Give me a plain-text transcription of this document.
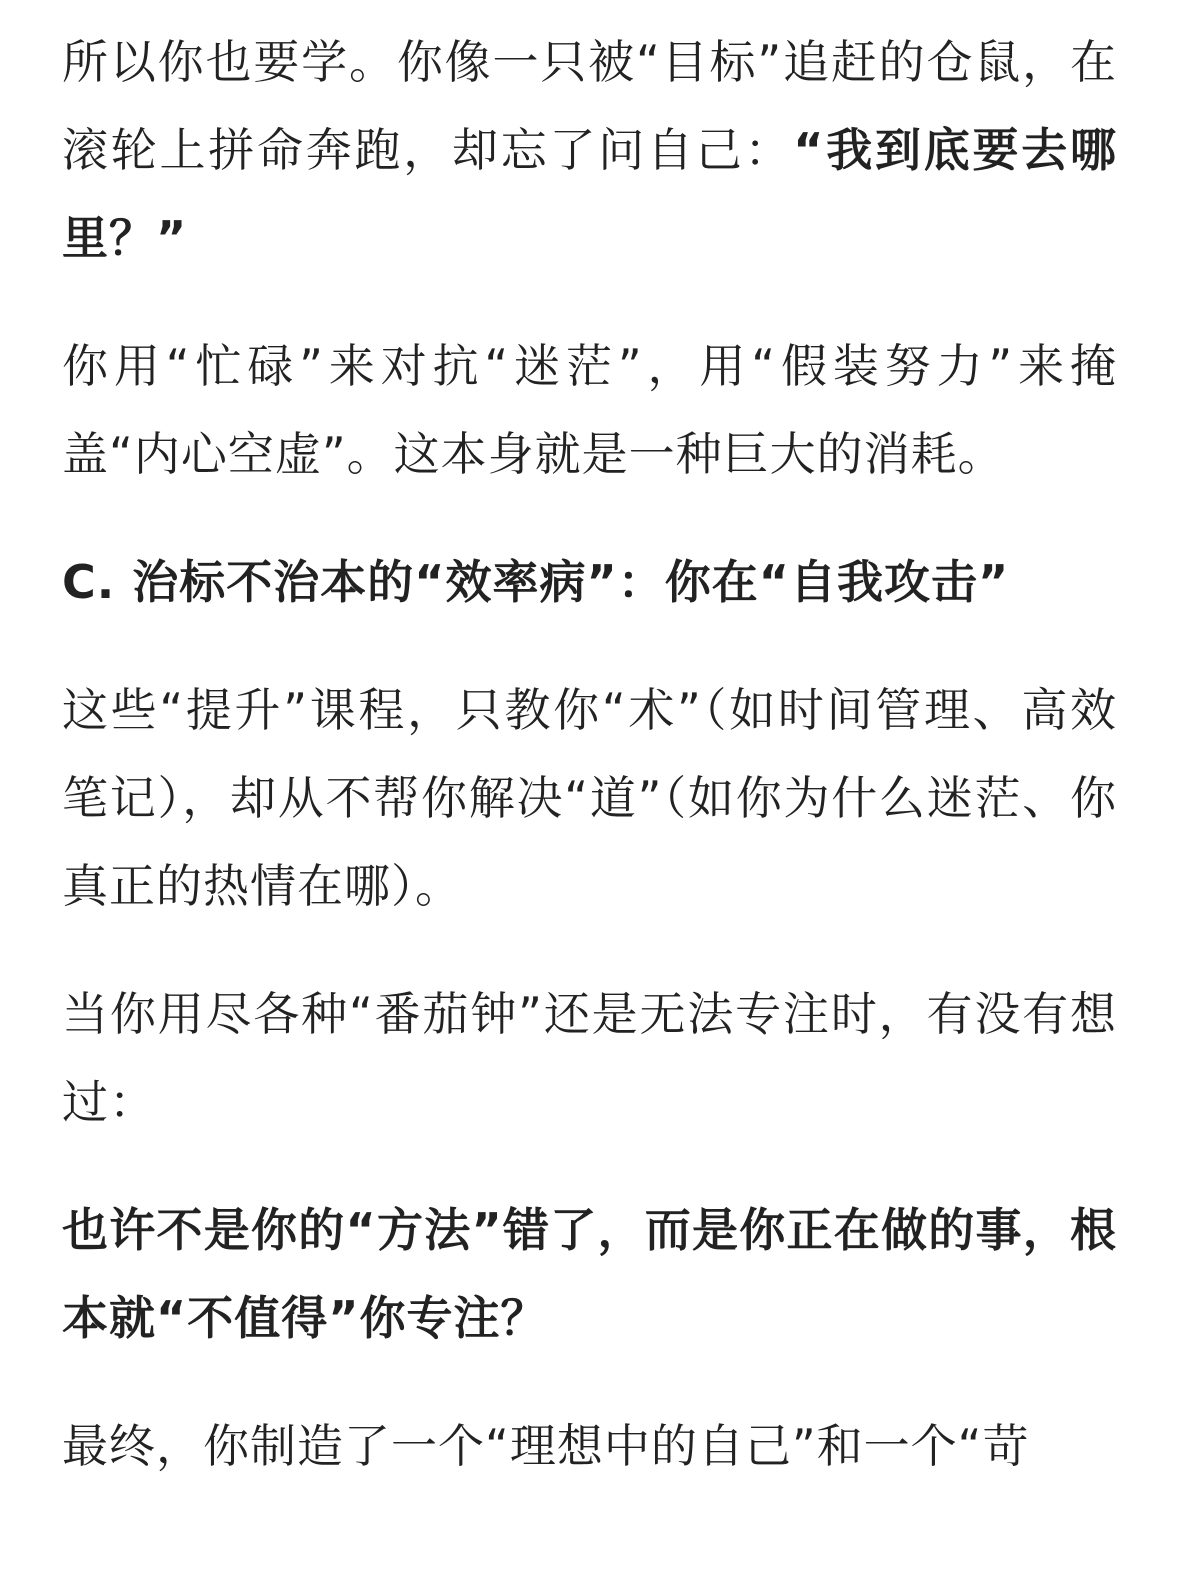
所以你也要学。你像一只被“目标”追赶的仓鼠，在滚轮上拼命奔跑，却忘了问自己：“我到底要去哪里？”

你用“忙碌”来对抗“迷茫”，用“假装努力”来掩盖“内心空虚”。这本身就是一种巨大的消耗。

C. 治标不治本的“效率病”：你在“自我攻击”

这些“提升”课程，只教你“术”（如时间管理、高效笔记），却从不帮你解决“道”（如你为什么迷茫、你真正的热情在哪）。

当你用尽各种“番茄钟”还是无法专注时，有没有想过：

也许不是你的“方法”错了，而是你正在做的事，根本就“不值得”你专注？

最终，你制造了一个“理想中的自己”和一个“苛
